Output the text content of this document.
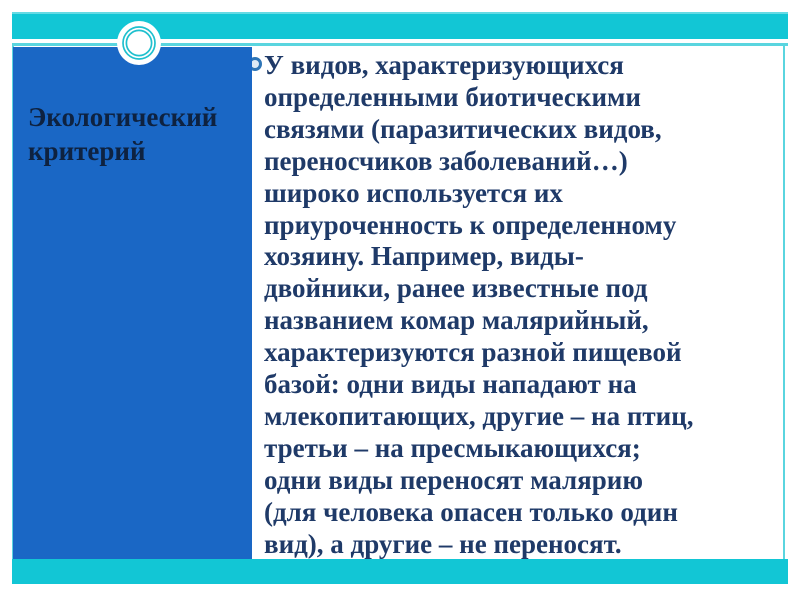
Экологический критерий
У видов, характеризующихся
определенными биотическими
связями (паразитических видов,
переносчиков заболеваний…)
широко используется их
приуроченность к определенному
хозяину. Например, виды-
двойники, ранее известные под
названием комар малярийный,
характеризуются разной пищевой
базой: одни виды нападают на
млекопитающих, другие – на птиц,
третьи – на пресмыкающихся;
одни виды переносят малярию
(для человека опасен только один
вид), а другие – не переносят.
